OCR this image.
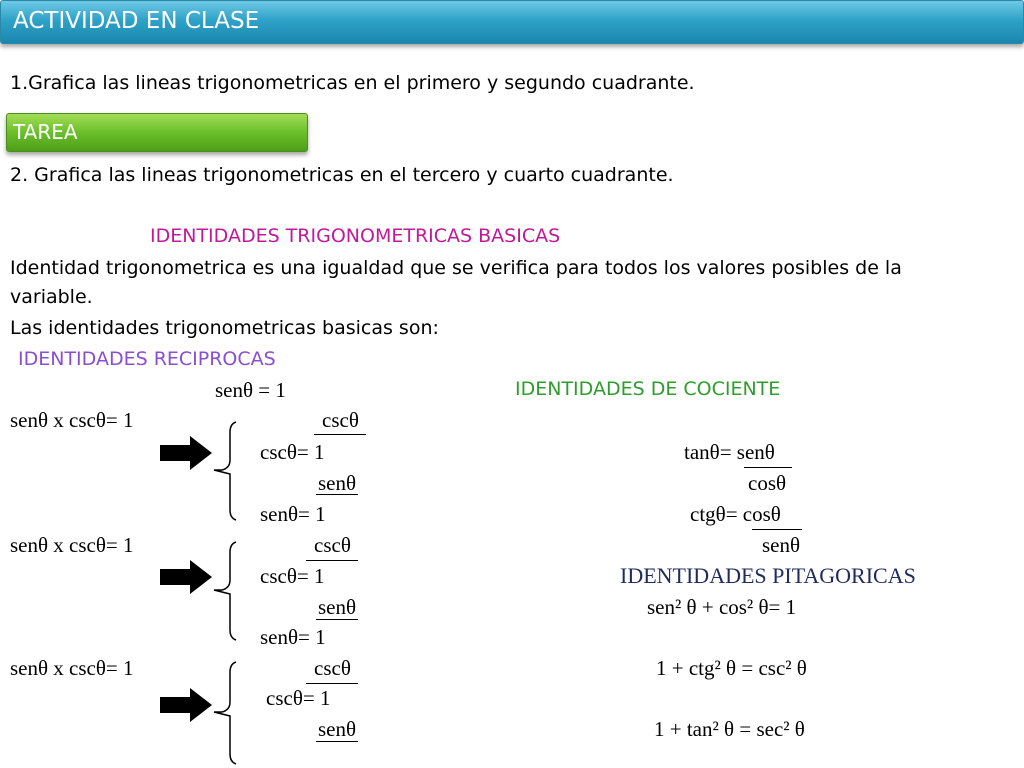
ACTIVIDAD EN CLASE
1.Grafica las lineas trigonometricas en el primero y segundo cuadrante.
TAREA
2. Grafica las lineas trigonometricas en el tercero y cuarto cuadrante.
IDENTIDADES TRIGONOMETRICAS BASICAS
Identidad trigonometrica es una igualdad que se verifica para todos los valores posibles de la
variable.
Las identidades trigonometricas basicas son:
IDENTIDADES RECIPROCAS
senθ = 1	IDENTIDADES DE COCIENTE
senθ x cscθ= 1	cscθ
cscθ= 1	tanθ= senθ
senθ	cosθ
senθ= 1	ctgθ= cosθ
senθ x cscθ= 1	cscθ	senθ
cscθ= 1	IDENTIDADES PITAGORICAS
senθ	sen² θ + cos² θ= 1
senθ= 1
senθ x cscθ= 1	cscθ	1 + ctg² θ = csc² θ
cscθ= 1
senθ	1 + tan² θ = sec² θ
